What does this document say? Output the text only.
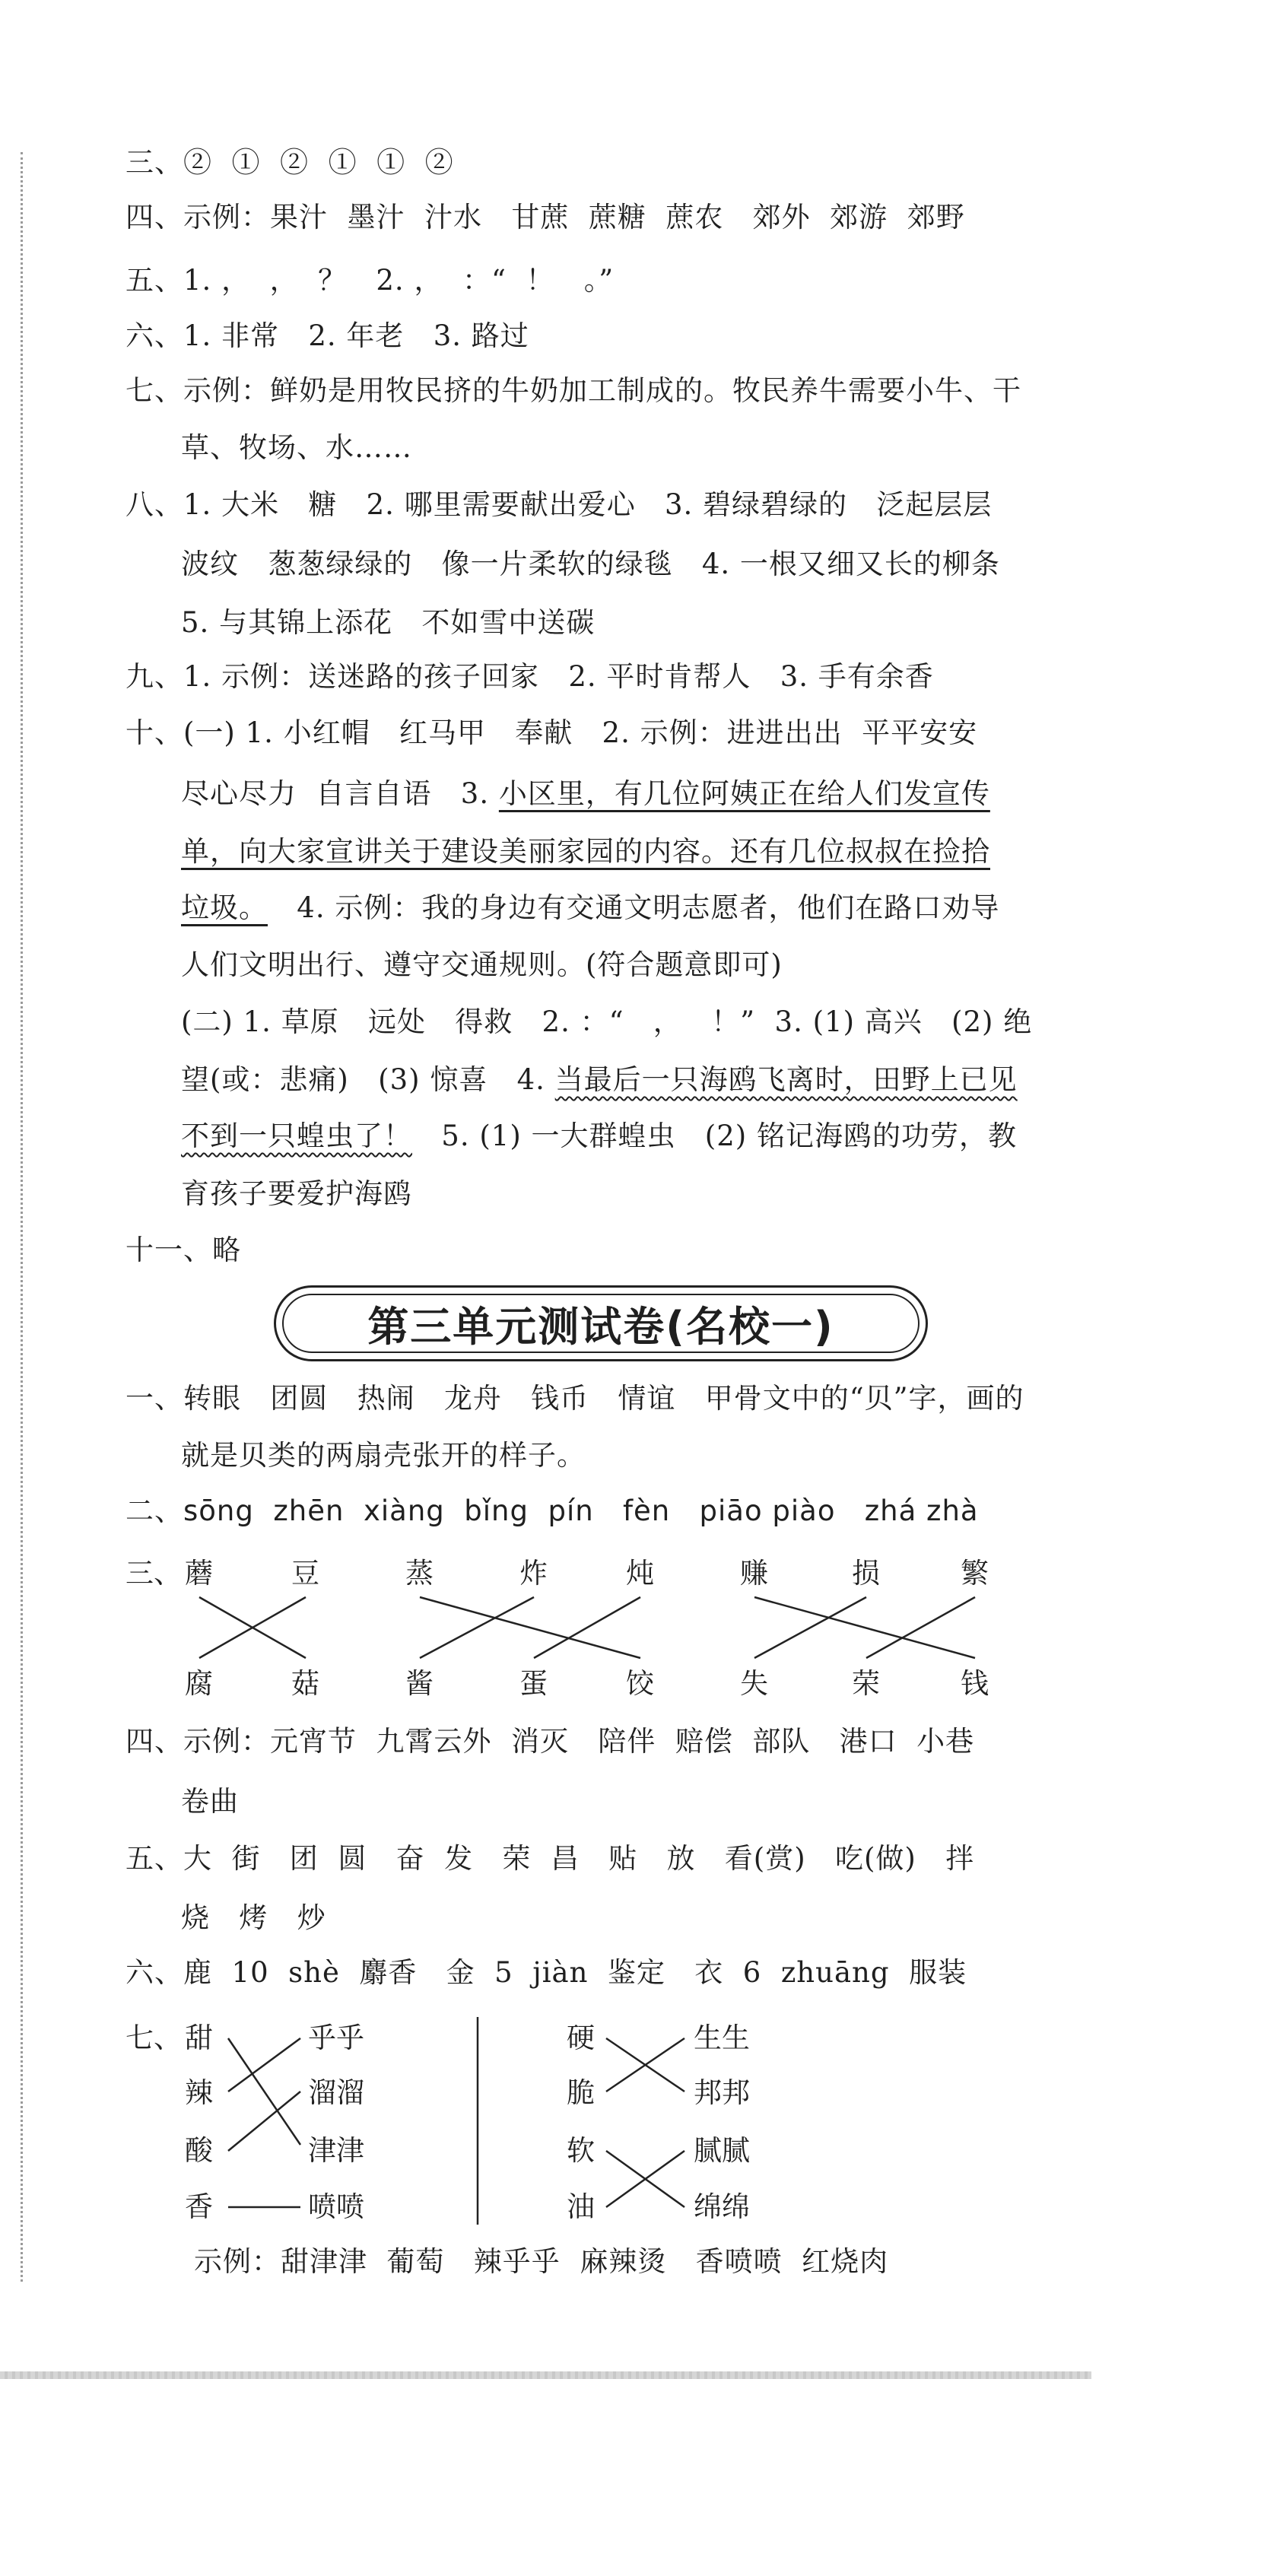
三、②  ①  ②  ①  ①  ②
四、示例：果汁  墨汁  汁水   甘蔗  蔗糖  蔗农   郊外  郊游  郊野
五、1. ，  ，  ？   2. ，  ：“  ！   。”
六、1. 非常   2. 年老   3. 路过
七、示例：鲜奶是用牧民挤的牛奶加工制成的。牧民养牛需要小牛、干
草、牧场、水……
八、1. 大米   糖   2. 哪里需要献出爱心   3. 碧绿碧绿的   泛起层层
波纹   葱葱绿绿的   像一片柔软的绿毯   4. 一根又细又长的柳条
5. 与其锦上添花   不如雪中送碳
九、1. 示例：送迷路的孩子回家   2. 平时肯帮人   3. 手有余香
十、(一) 1. 小红帽   红马甲   奉献   2. 示例：进进出出  平平安安
尽心尽力  自言自语   3. 小区里，有几位阿姨正在给人们发宣传
单，向大家宣讲关于建设美丽家园的内容。还有几位叔叔在捡拾
垃圾。   4. 示例：我的身边有交通文明志愿者，他们在路口劝导
人们文明出行、遵守交通规则。(符合题意即可)
(二) 1. 草原   远处   得救   2. ：“   ，   ！”  3. (1) 高兴   (2) 绝
望(或：悲痛)   (3) 惊喜   4. 当最后一只海鸥飞离时，田野上已见
不到一只蝗虫了！   5. (1) 一大群蝗虫   (2) 铭记海鸥的功劳，教
育孩子要爱护海鸥
十一、略
第三单元测试卷(名校一)
一、转眼   团圆   热闹   龙舟   钱币   情谊   甲骨文中的“贝”字，画的
就是贝类的两扇壳张开的样子。
二、sōng  zhēn  xiàng  bǐng  pín   fèn   piāo piào   zhá zhà
三、 蘑	豆	蒸	炸	炖	赚	损	繁
腐	菇	酱	蛋	饺	失	荣	钱
四、示例：元宵节  九霄云外  消灭   陪伴  赔偿  部队   港口  小巷
卷曲
五、大  街   团  圆   奋  发   荣  昌   贴   放   看(赏)   吃(做)   拌
烧   烤   炒
六、鹿  10  shè  麝香   金  5  jiàn  鉴定   衣  6  zhuāng  服装
七、 甜
辣
酸
香
乎乎
溜溜
津津
喷喷
硬
脆
软
油
生生
邦邦
腻腻
绵绵
示例：甜津津  葡萄   辣乎乎  麻辣烫   香喷喷  红烧肉
